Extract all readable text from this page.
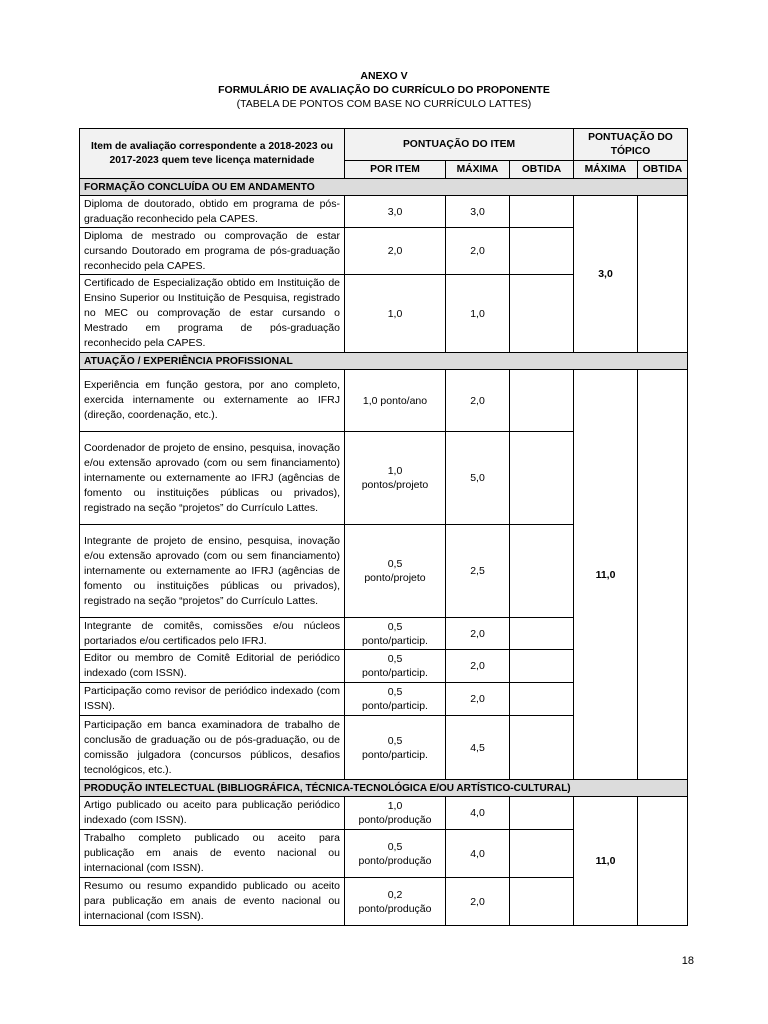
ANEXO V
FORMULÁRIO DE AVALIAÇÃO DO CURRÍCULO DO PROPONENTE
(TABELA DE PONTOS COM BASE NO CURRÍCULO LATTES)
Item de avaliação correspondente a 2018-2023 ou 2017-2023 quem teve licença maternidade	PONTUAÇÃO DO ITEM			PONTUAÇÃO DO TÓPICO	
	POR ITEM	MÁXIMA	OBTIDA	MÁXIMA	OBTIDA
FORMAÇÃO CONCLUÍDA OU EM ANDAMENTO					
Diploma de doutorado, obtido em programa de pós-graduação reconhecido pela CAPES.	3,0	3,0		3,0	
Diploma de mestrado ou comprovação de estar cursando Doutorado em programa de pós-graduação reconhecido pela CAPES.	2,0	2,0			
Certificado de Especialização obtido em Instituição de Ensino Superior ou Instituição de Pesquisa, registrado no MEC ou comprovação de estar cursando o Mestrado em programa de pós-graduação reconhecido pela CAPES.	1,0	1,0			
ATUAÇÃO / EXPERIÊNCIA PROFISSIONAL					
Experiência em função gestora, por ano completo, exercida internamente ou externamente ao IFRJ (direção, coordenação, etc.).	1,0 ponto/ano	2,0		11,0	
Coordenador de projeto de ensino, pesquisa, inovação e/ou extensão aprovado (com ou sem financiamento) internamente ou externamente ao IFRJ (agências de fomento ou instituições públicas ou privados), registrado na seção “projetos” do Currículo Lattes.	1,0 pontos/projeto	5,0			
Integrante de projeto de ensino, pesquisa, inovação e/ou extensão aprovado (com ou sem financiamento) internamente ou externamente ao IFRJ (agências de fomento ou instituições públicas ou privados), registrado na seção “projetos” do Currículo Lattes.	0,5 ponto/projeto	2,5			
Integrante de comitês, comissões e/ou núcleos portariados e/ou certificados pelo IFRJ.	0,5 ponto/particip.	2,0			
Editor ou membro de Comitê Editorial de periódico indexado (com ISSN).	0,5 ponto/particip.	2,0			
Participação como revisor de periódico indexado (com ISSN).	0,5 ponto/particip.	2,0			
Participação em banca examinadora de trabalho de conclusão de graduação ou de pós-graduação, ou de comissão julgadora (concursos públicos, desafios tecnológicos, etc.).	0,5 ponto/particip.	4,5			
PRODUÇÃO INTELECTUAL (BIBLIOGRÁFICA, TÉCNICA-TECNOLÓGICA E/OU ARTÍSTICO-CULTURAL)					
Artigo publicado ou aceito para publicação periódico indexado (com ISSN).	1,0 ponto/produção	4,0		11,0	
Trabalho completo publicado ou aceito para publicação em anais de evento nacional ou internacional (com ISSN).	0,5 ponto/produção	4,0			
Resumo ou resumo expandido publicado ou aceito para publicação em anais de evento nacional ou internacional (com ISSN).	0,2 ponto/produção	2,0			
18
